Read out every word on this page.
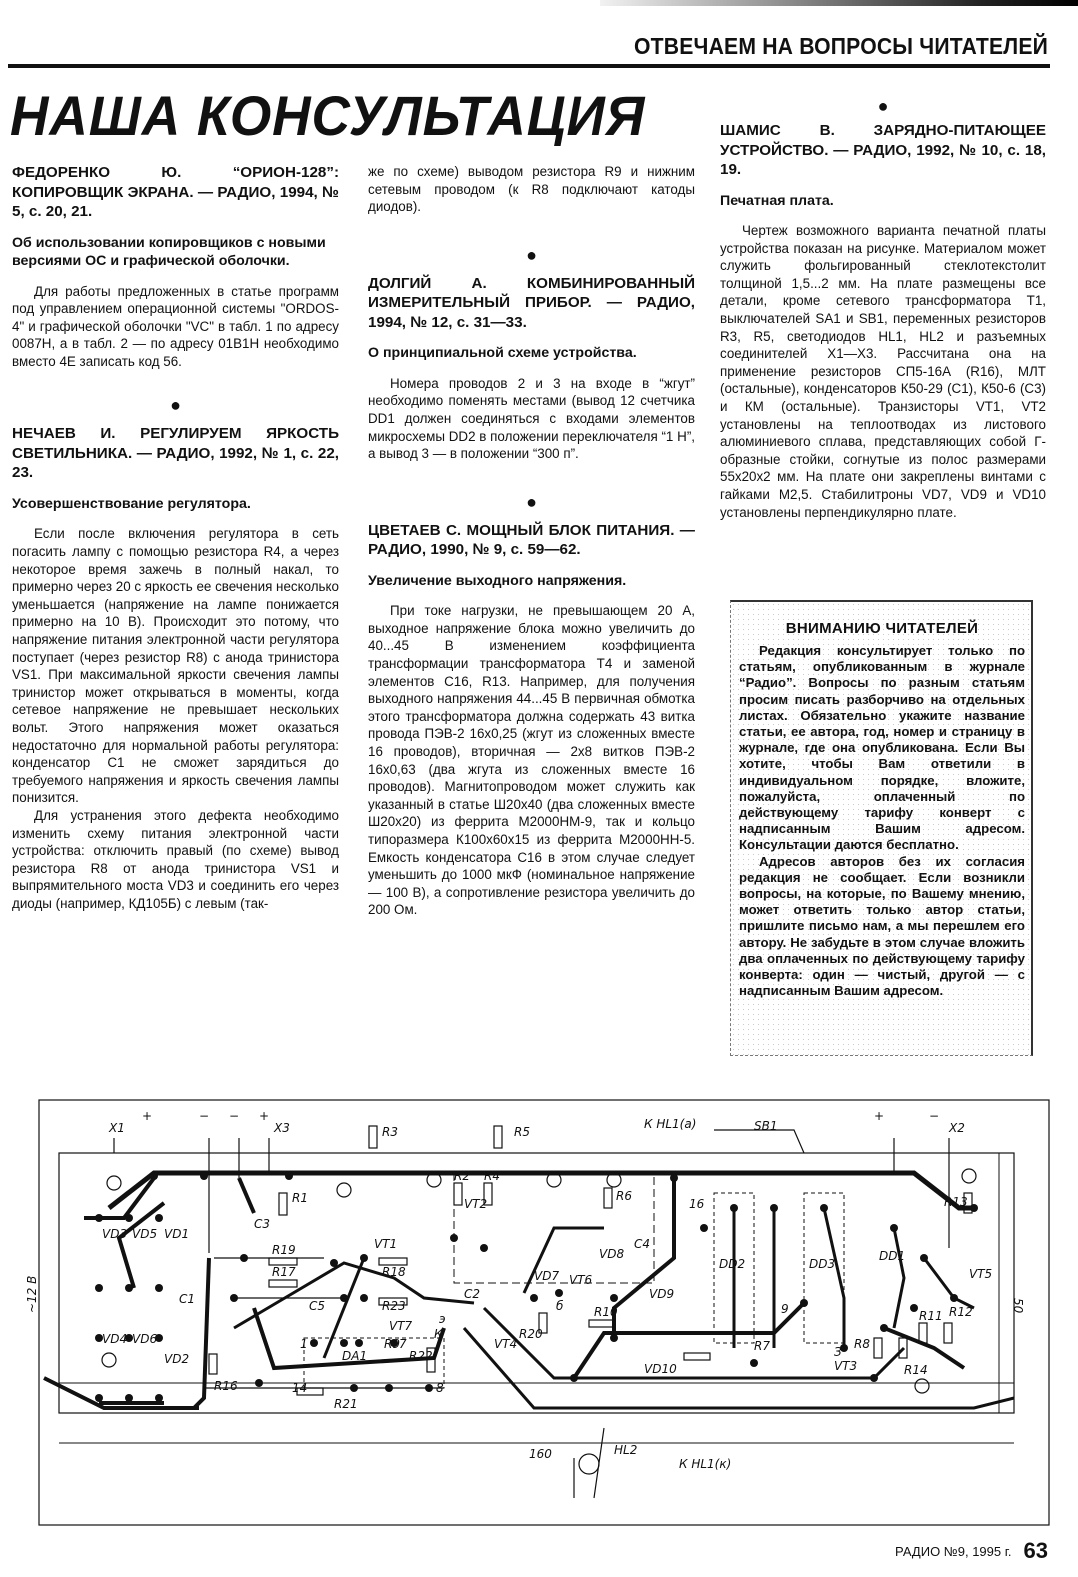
ОТВЕЧАЕМ НА ВОПРОСЫ ЧИТАТЕЛЕЙ
НАША КОНСУЛЬТАЦИЯ

ФЕДОРЕНКО Ю. “ОРИОН-128”: КОПИРОВЩИК ЭКРАНА. — РАДИО, 1994, № 5, с. 20, 21.

Об использовании копировщиков с новыми версиями ОС и графической оболочки.

Для работы предложенных в статье программ под управлением операционной системы "ORDOS-4" и графической оболочки "VC" в табл. 1 по адресу 0087H, а в табл. 2 — по адресу 01B1H необходимо вместо 4E записать код 56.

●

НЕЧАЕВ И. РЕГУЛИРУЕМ ЯРКОСТЬ СВЕТИЛЬНИКА. — РАДИО, 1992, № 1, с. 22, 23.

Усовершенствование регулятора.

Если после включения регулятора в сеть погасить лампу с помощью резистора R4, а через некоторое время зажечь в полный накал, то примерно через 20 с яркость ее свечения несколько уменьшается (напряжение на лампе понижается примерно на 10 В). Происходит это потому, что напряжение питания электронной части регулятора поступает (через резистор R8) с анода тринистора VS1. При максимальной яркости свечения лампы тринистор может открываться в моменты, когда сетевое напряжение не превышает нескольких вольт. Этого напряжения может оказаться недостаточно для нормальной работы регулятора: конденсатор C1 не сможет зарядиться до требуемого напряжения и яркость свечения лампы понизится.

Для устранения этого дефекта необходимо изменить схему питания электронной части устройства: отключить правый (по схеме) вывод резистора R8 от анода тринистора VS1 и выпрямительного моста VD3 и соединить его через диоды (например, КД105Б) с левым (так-

же по схеме) выводом резистора R9 и нижним сетевым проводом (к R8 подключают катоды диодов).

●

ДОЛГИЙ А. КОМБИНИРОВАННЫЙ ИЗМЕРИТЕЛЬНЫЙ ПРИБОР. — РАДИО, 1994, № 12, с. 31—33.

О принципиальной схеме устройства.

Номера проводов 2 и 3 на входе в “жгут” необходимо поменять местами (вывод 12 счетчика DD1 должен соединяться с входами элементов микросхемы DD2 в положении переключателя “1 Н”, а вывод 3 — в положении “300 п”.

●

ЦВЕТАЕВ С. МОЩНЫЙ БЛОК ПИТАНИЯ. — РАДИО, 1990, № 9, с. 59—62.

Увеличение выходного напряжения.

При токе нагрузки, не превышающем 20 А, выходное напряжение блока можно увеличить до 40...45 В изменением коэффициента трансформации трансформатора T4 и заменой элементов C16, R13. Например, для получения выходного напряжения 44...45 В первичная обмотка этого трансформатора должна содержать 43 витка провода ПЭВ-2 16х0,25 (жгут из сложенных вместе 16 проводов), вторичная — 2х8 витков ПЭВ-2 16х0,63 (два жгута из сложенных вместе 16 проводов). Магнитопроводом может служить как указанный в статье Ш20х40 (два сложенных вместе Ш20х20) из феррита М2000НМ-9, так и кольцо типоразмера К100х60х15 из феррита М2000НН-5. Емкость конденсатора C16 в этом случае следует уменьшить до 1000 мкФ (номинальное напряжение — 100 В), а сопротивление резистора увеличить до 200 Ом.

●

ШАМИС В. ЗАРЯДНО-ПИТАЮЩЕЕ УСТРОЙСТВО. — РАДИО, 1992, № 10, с. 18, 19.

Печатная плата.

Чертеж возможного варианта печатной платы устройства показан на рисунке. Материалом может служить фольгированный стеклотекстолит толщиной 1,5...2 мм. На плате размещены все детали, кроме сетевого трансформатора T1, выключателей SA1 и SB1, переменных резисторов R3, R5, светодиодов HL1, HL2 и разъемных соединителей X1—X3. Рассчитана она на применение резисторов СП5-16А (R16), МЛТ (остальные), конденсаторов К50-29 (C1), К50-6 (C3) и КМ (остальные). Транзисторы VT1, VT2 установлены на теплоотводах из листового алюминиевого сплава, представляющих собой Г-образные стойки, согнутые из полос размерами 55х20х2 мм. На плате они закреплены винтами с гайками М2,5. Стабилитроны VD7, VD9 и VD10 установлены перпендикулярно плате.

ВНИМАНИЮ ЧИТАТЕЛЕЙ

Редакция консультирует только по статьям, опубликованным в журнале “Радио”. Вопросы по разным статьям просим писать разборчиво на отдельных листах. Обязательно укажите название статьи, ее автора, год, номер и страницу в журнале, где она опубликована. Если Вы хотите, чтобы Вам ответили в индивидуальном порядке, вложите, пожалуйста, оплаченный по действующему тарифу конверт с надписанным Вашим адресом. Консультации даются бесплатно.

Адресов авторов без их согласия редакция не сообщает. Если возникли вопросы, на которые, по Вашему мнению, может ответить только автор статьи, пришлите письмо нам, а мы перешлем его автору. Не забудьте в этом случае вложить два оплаченных по действующему тарифу конверта: один — чистый, другой — с надписанным Вашим адресом.

X1	X3	X2
+	− − +	+	−
~12 В	50
160
К HL1(а)
К HL1(к)
SB1
HL2
R1
R2
R3
R4
R5
R6
R7	R8
R9
R10	R11 R12
R13
R14
R16
R17	R18
R19
R20
R21
R22
R23
C1	C2
C3
C4
C5
VD1
VD2
VD3
VD4
VD5
VD6
VD7
VD8
VD9
VD10
VT1
VT2
VT3
VT4
VT5
VT6
VT7
DA1
DD1
DD2	DD3
1	7
14	8
9
16
К
б
э
З
РАДИО №9, 1995 г. 63
